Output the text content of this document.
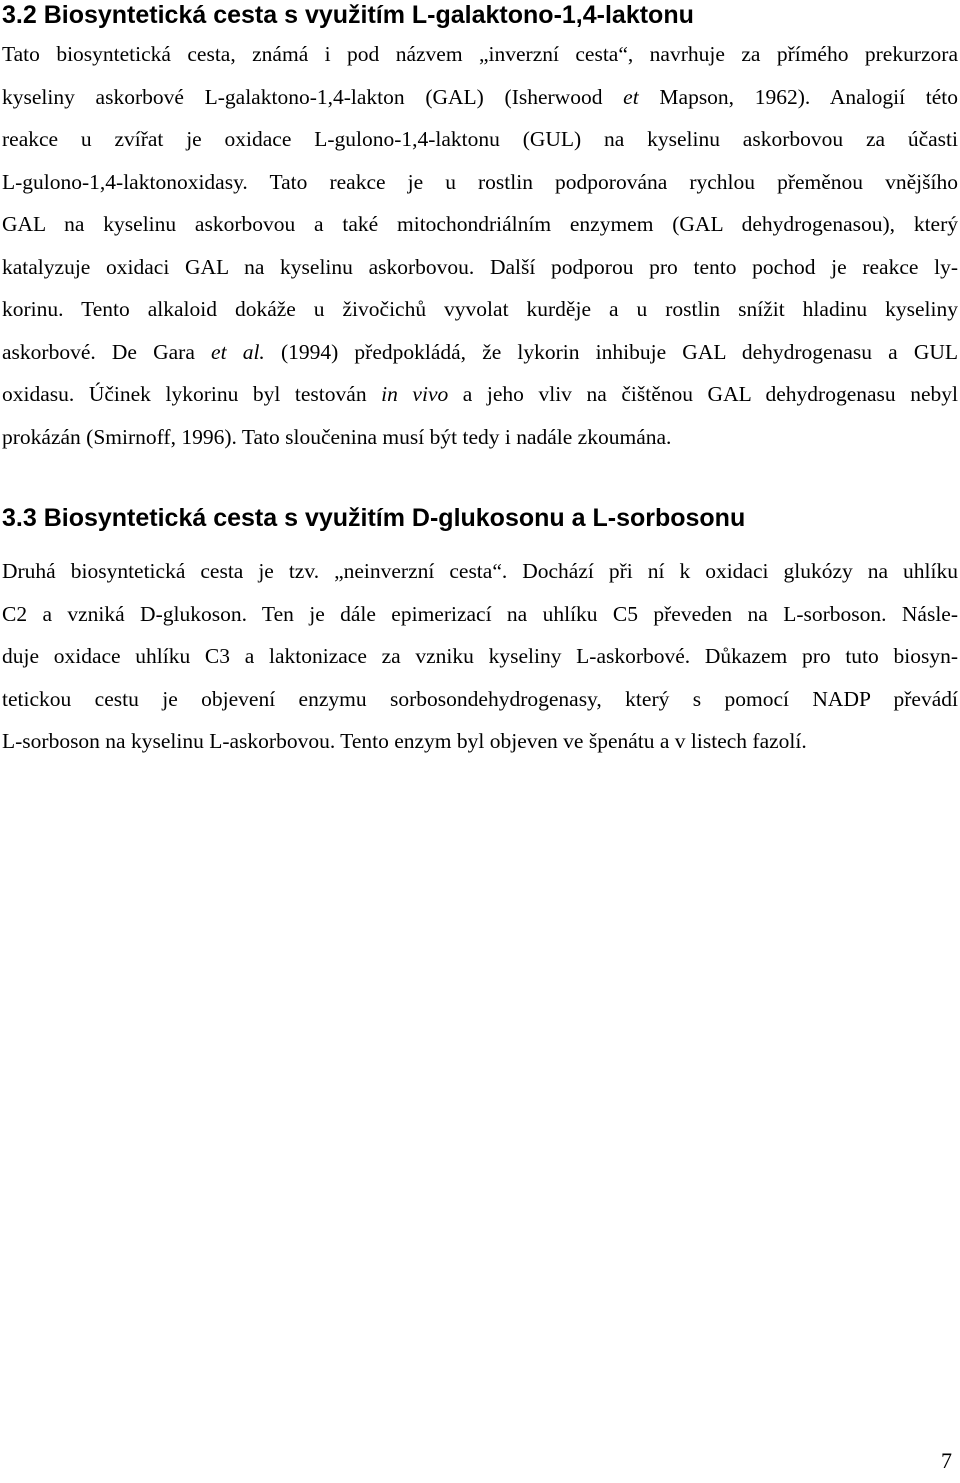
3.2 Biosyntetická cesta s využitím L-galaktono-1,4-laktonu
Tato biosyntetická cesta, známá i pod názvem „inverzní cesta“, navrhuje za přímého prekurzora
kyseliny askorbové L-galaktono-1,4-lakton (GAL) (Isherwood et Mapson, 1962). Analogií této
reakce u zvířat je oxidace L-gulono-1,4-laktonu (GUL) na kyselinu askorbovou za účasti
L-gulono-1,4-laktonoxidasy. Tato reakce je u rostlin podporována rychlou přeměnou vnějšího
GAL na kyselinu askorbovou a také mitochondriálním enzymem (GAL dehydrogenasou), který
katalyzuje oxidaci GAL na kyselinu askorbovou. Další podporou pro tento pochod je reakce ly-
korinu. Tento alkaloid dokáže u živočichů vyvolat kurděje a u rostlin snížit hladinu kyseliny
askorbové. De Gara et al. (1994) předpokládá, že lykorin inhibuje GAL dehydrogenasu a GUL
oxidasu. Účinek lykorinu byl testován in vivo a jeho vliv na čištěnou GAL dehydrogenasu nebyl
prokázán (Smirnoff, 1996). Tato sloučenina musí být tedy i nadále zkoumána.
3.3 Biosyntetická cesta s využitím D-glukosonu a L-sorbosonu
Druhá biosyntetická cesta je tzv. „neinverzní cesta“. Dochází při ní k oxidaci glukózy na uhlíku
C2 a vzniká D-glukoson. Ten je dále epimerizací na uhlíku C5 převeden na L-sorboson. Násle-
duje oxidace uhlíku C3 a laktonizace za vzniku kyseliny L-askorbové. Důkazem pro tuto biosyn-
tetickou cestu je objevení enzymu sorbosondehydrogenasy, který s pomocí NADP převádí
L-sorboson na kyselinu L-askorbovou. Tento enzym byl objeven ve špenátu a v listech fazolí.
7
